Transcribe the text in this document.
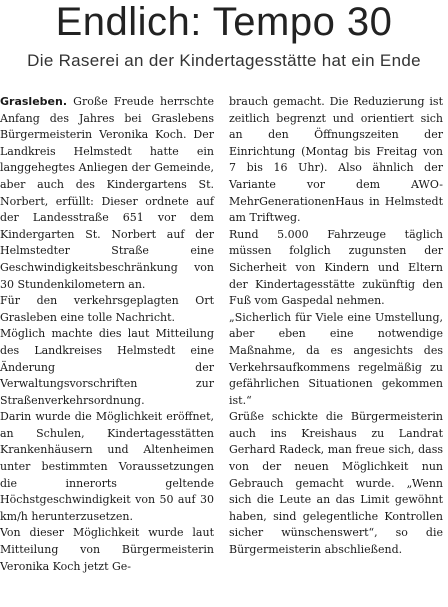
Endlich: Tempo 30
Die Raserei an der Kindertagesstätte hat ein Ende

Grasleben. Große Freude herrschte Anfang des Jahres bei Graslebens Bürgermeisterin Veronika Koch. Der Landkreis Helmstedt hatte ein langgehegtes Anliegen der Gemeinde, aber auch des Kindergartens St. Norbert, erfüllt: Dieser ordnete auf der Landesstraße 651 vor dem Kindergarten St. Norbert auf der Helmstedter Straße eine Geschwindigkeitsbeschränkung von 30 Stundenkilometern an.

Für den verkehrsgeplagten Ort Grasleben eine tolle Nachricht.

Möglich machte dies laut Mitteilung des Landkreises Helmstedt eine Änderung der Verwaltungsvorschriften zur Straßenverkehrsordnung.

Darin wurde die Möglichkeit eröffnet, an Schulen, Kindertagesstätten Krankenhäusern und Altenheimen unter bestimmten Voraussetzungen die innerorts geltende Höchstgeschwindigkeit von 50 auf 30 km/h herunterzusetzen.

Von dieser Möglichkeit wurde laut Mitteilung von Bürgermeisterin Veronika Koch jetzt Ge-

brauch gemacht. Die Reduzierung ist zeitlich begrenzt und orientiert sich an den Öffnungszeiten der Einrichtung (Montag bis Freitag von 7 bis 16 Uhr). Also ähnlich der Variante vor dem AWO-MehrGenerationenHaus in Helmstedt am Triftweg.

Rund 5.000 Fahrzeuge täglich müssen folglich zugunsten der Sicherheit von Kindern und Eltern der Kindertagesstätte zukünftig den Fuß vom Gaspedal nehmen.

„Sicherlich für Viele eine Umstellung, aber eben eine notwendige Maßnahme, da es angesichts des Verkehrsaufkommens regelmäßig zu gefährlichen Situationen gekommen ist.“

Grüße schickte die Bürgermeisterin auch ins Kreishaus zu Landrat Gerhard Radeck, man freue sich, dass von der neuen Möglichkeit nun Gebrauch gemacht wurde. „Wenn sich die Leute an das Limit gewöhnt haben, sind gelegentliche Kontrollen sicher wünschenswert“, so die Bürgermeisterin abschließend.
